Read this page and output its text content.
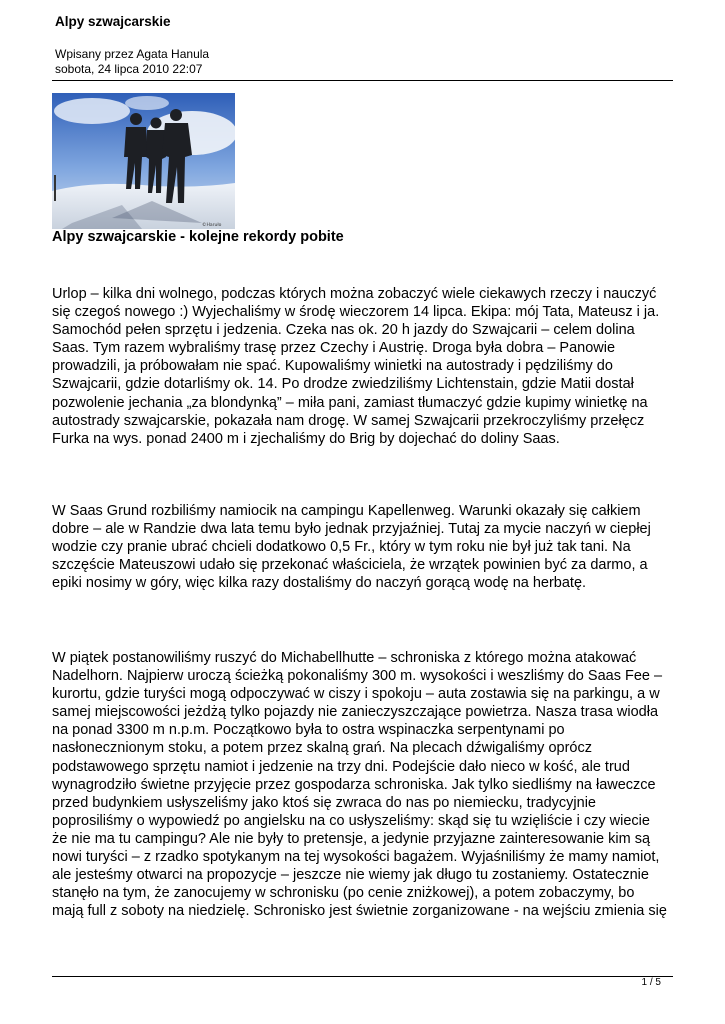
Alpy szwajcarskie
Wpisany przez Agata Hanula
sobota, 24 lipca 2010 22:07
©Haruło
Alpy szwajcarskie - kolejne rekordy pobite
Urlop – kilka dni wolnego, podczas których można zobaczyć wiele ciekawych rzeczy i nauczyć
się czegoś nowego :) Wyjechaliśmy w środę wieczorem 14 lipca. Ekipa: mój Tata, Mateusz i ja.
Samochód pełen sprzętu i jedzenia. Czeka nas ok. 20 h jazdy do Szwajcarii – celem dolina
Saas. Tym razem wybraliśmy trasę przez Czechy i Austrię. Droga była dobra – Panowie
prowadzili, ja próbowałam nie spać. Kupowaliśmy winietki na autostrady i pędziliśmy do
Szwajcarii, gdzie dotarliśmy ok. 14. Po drodze zwiedziliśmy Lichtenstain, gdzie Matii dostał
pozwolenie jechania „za blondynką” – miła pani, zamiast tłumaczyć gdzie kupimy winietkę na
autostrady szwajcarskie, pokazała nam drogę. W samej Szwajcarii przekroczyliśmy przełęcz
Furka na wys. ponad 2400 m i zjechaliśmy do Brig by dojechać do doliny Saas.
W Saas Grund rozbiliśmy namiocik na campingu Kapellenweg. Warunki okazały się całkiem
dobre – ale w Randzie dwa lata temu było jednak przyjaźniej. Tutaj za mycie naczyń w ciepłej
wodzie czy pranie ubrać chcieli dodatkowo 0,5 Fr., który w tym roku nie był już tak tani. Na
szczęście Mateuszowi udało się przekonać właściciela, że wrzątek powinien być za darmo, a
epiki nosimy w góry, więc kilka razy dostaliśmy do naczyń gorącą wodę na herbatę.
W piątek postanowiliśmy ruszyć do Michabellhutte – schroniska z którego można atakować
Nadelhorn. Najpierw uroczą ścieżką pokonaliśmy 300 m. wysokości i weszliśmy do Saas Fee –
kurortu, gdzie turyści mogą odpoczywać w ciszy i spokoju – auta zostawia się na parkingu, a w
samej miejscowości jeżdżą tylko pojazdy nie zanieczyszczające powietrza. Nasza trasa wiodła
na ponad 3300 m n.p.m. Początkowo była to ostra wspinaczka serpentynami po
nasłonecznionym stoku, a potem przez skalną grań. Na plecach dźwigaliśmy oprócz
podstawowego sprzętu namiot i jedzenie na trzy dni. Podejście dało nieco w kość, ale trud
wynagrodziło świetne przyjęcie przez gospodarza schroniska. Jak tylko siedliśmy na ławeczce
przed budynkiem usłyszeliśmy jako ktoś się zwraca do nas po niemiecku, tradycyjnie
poprosiliśmy o wypowiedź po angielsku na co usłyszeliśmy: skąd się tu wzięliście i czy wiecie
że nie ma tu campingu? Ale nie były to pretensje, a jedynie przyjazne zainteresowanie kim są
nowi turyści – z rzadko spotykanym na tej wysokości bagażem. Wyjaśniliśmy że mamy namiot,
ale jesteśmy otwarci na propozycje – jeszcze nie wiemy jak długo tu zostaniemy. Ostatecznie
stanęło na tym, że zanocujemy w schronisku (po cenie zniżkowej), a potem zobaczymy, bo
mają full z soboty na niedzielę. Schronisko jest świetnie zorganizowane - na wejściu zmienia się
1 / 5
